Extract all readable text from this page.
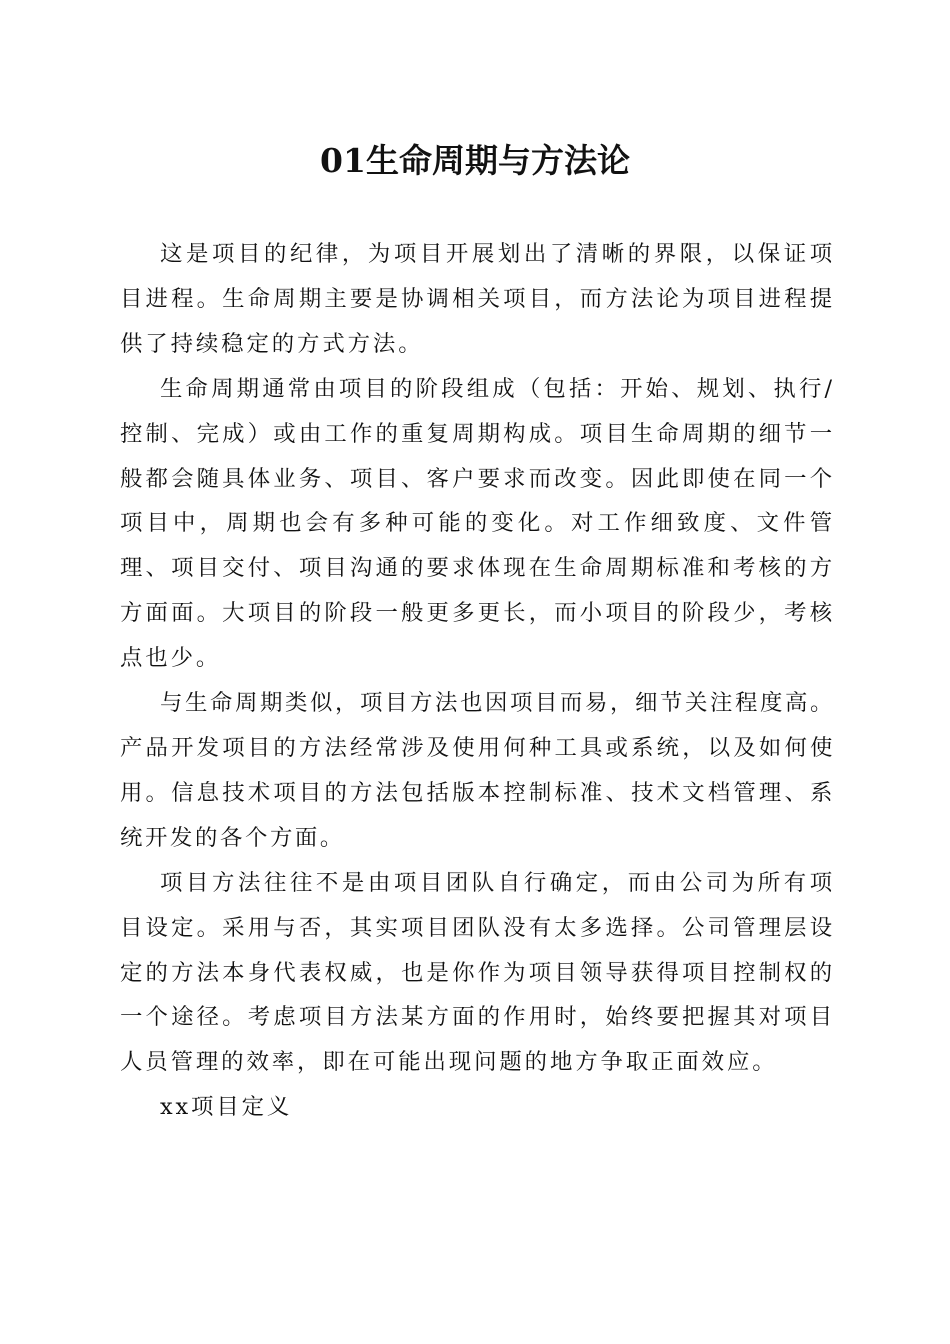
01生命周期与方法论

这是项目的纪律，为项目开展划出了清晰的界限，以保证项目进程。生命周期主要是协调相关项目，而方法论为项目进程提供了持续稳定的方式方法。

生命周期通常由项目的阶段组成（包括：开始、规划、执行/控制、完成）或由工作的重复周期构成。项目生命周期的细节一般都会随具体业务、项目、客户要求而改变。因此即使在同一个项目中，周期也会有多种可能的变化。对工作细致度、文件管理、项目交付、项目沟通的要求体现在生命周期标准和考核的方方面面。大项目的阶段一般更多更长，而小项目的阶段少，考核点也少。

与生命周期类似，项目方法也因项目而易，细节关注程度高。产品开发项目的方法经常涉及使用何种工具或系统，以及如何使用。信息技术项目的方法包括版本控制标准、技术文档管理、系统开发的各个方面。

项目方法往往不是由项目团队自行确定，而由公司为所有项目设定。采用与否，其实项目团队没有太多选择。公司管理层设定的方法本身代表权威，也是你作为项目领导获得项目控制权的一个途径。考虑项目方法某方面的作用时，始终要把握其对项目人员管理的效率，即在可能出现问题的地方争取正面效应。

xx项目定义
